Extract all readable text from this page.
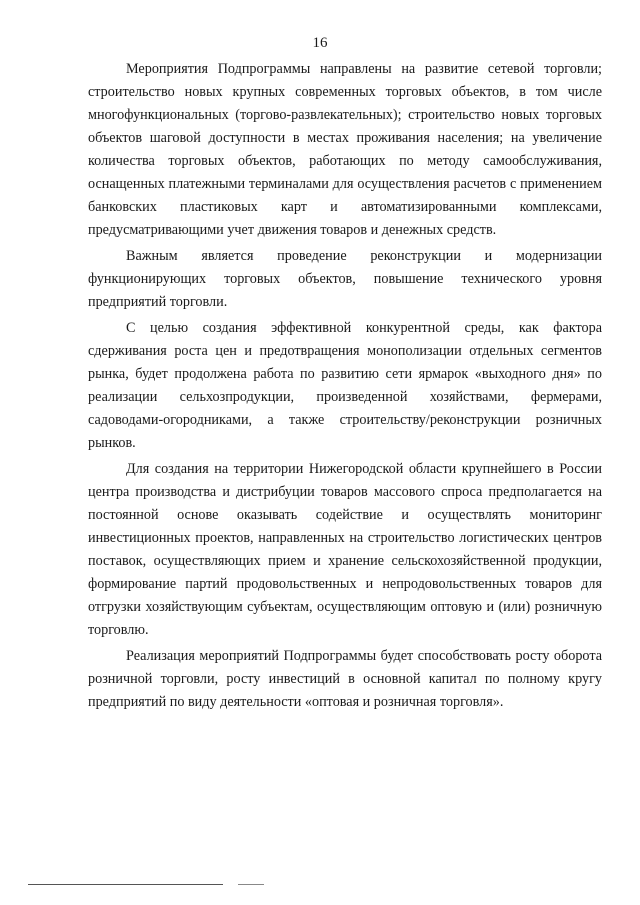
16

Мероприятия Подпрограммы направлены на развитие сетевой торговли; строительство новых крупных современных торговых объектов, в том числе многофункциональных (торгово-развлекательных); строительство новых торговых объектов шаговой доступности в местах проживания населения; на увеличение количества торговых объектов, работающих по методу самообслуживания, оснащенных платежными терминалами для осуществления расчетов с применением банковских пластиковых карт и автоматизированными комплексами, предусматривающими учет движения товаров и денежных средств.

Важным является проведение реконструкции и модернизации функционирующих торговых объектов, повышение технического уровня предприятий торговли.

С целью создания эффективной конкурентной среды, как фактора сдерживания роста цен и предотвращения монополизации отдельных сегментов рынка, будет продолжена работа по развитию сети ярмарок «выходного дня» по реализации сельхозпродукции, произведенной хозяйствами, фермерами, садоводами-огородниками, а также строительству/реконструкции розничных рынков.

Для создания на территории Нижегородской области крупнейшего в России центра производства и дистрибуции товаров массового спроса предполагается на постоянной основе оказывать содействие и осуществлять мониторинг инвестиционных проектов, направленных на строительство логистических центров поставок, осуществляющих прием и хранение сельскохозяйственной продукции, формирование партий продовольственных и непродовольственных товаров для отгрузки хозяйствующим субъектам, осуществляющим оптовую и (или) розничную торговлю.

Реализация мероприятий Подпрограммы будет способствовать росту оборота розничной торговли, росту инвестиций в основной капитал по полному кругу предприятий по виду деятельности «оптовая и розничная торговля».
